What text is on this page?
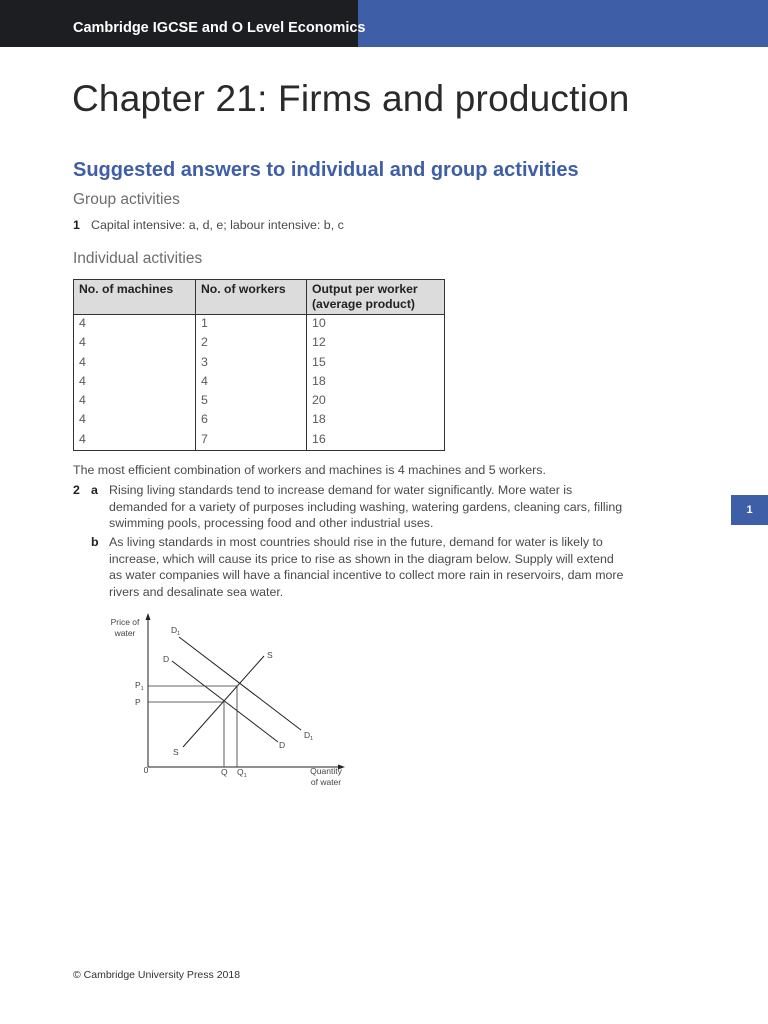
Cambridge IGCSE and O Level Economics
Chapter 21: Firms and production
Suggested answers to individual and group activities
Group activities
1 Capital intensive: a, d, e; labour intensive: b, c
Individual activities
No. of machines	No. of workers	Output per worker (average product)
4	1	10
4	2	12
4	3	15
4	4	18
4	5	20
4	6	18
4	7	16
The most efficient combination of workers and machines is 4 machines and 5 workers.
2 a Rising living standards tend to increase demand for water significantly. More water is demanded for a variety of purposes including washing, watering gardens, cleaning cars, filling swimming pools, processing food and other industrial uses.
b As living standards in most countries should rise in the future, demand for water is likely to increase, which will cause its price to rise as shown in the diagram below. Supply will extend as water companies will have a financial incentive to collect more rain in reservoirs, dam more rivers and desalinate sea water.
1
Price of
water
Quantity
of water
0
$D_1$
D	S
$D_1$
D
S
$P_1$
P
Q $Q_1$
© Cambridge University Press 2018
